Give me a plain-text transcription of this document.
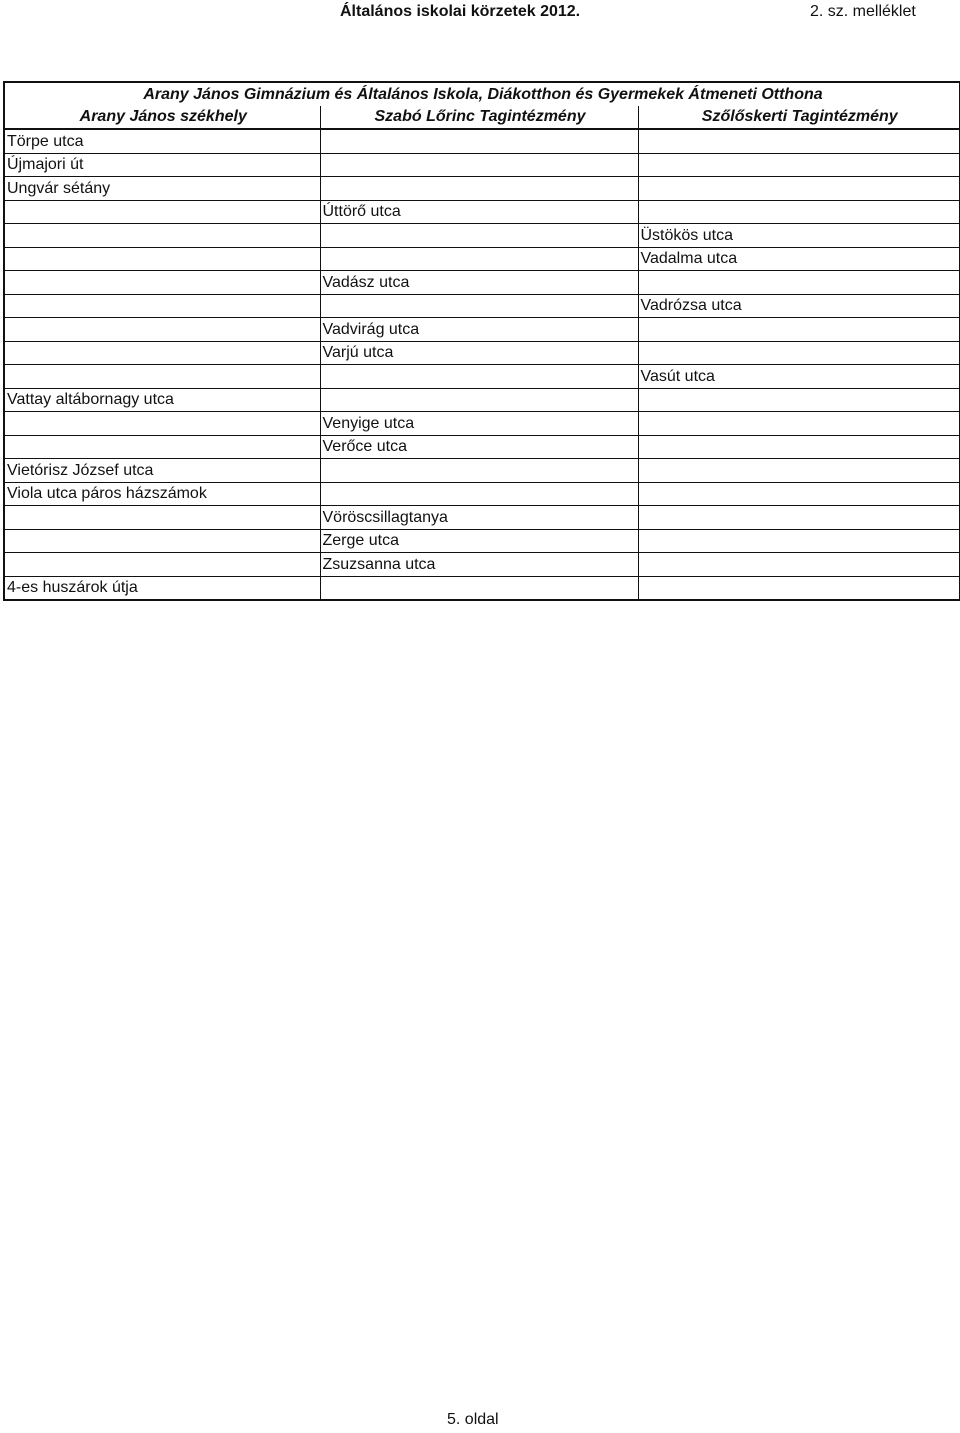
Általános iskolai körzetek 2012.	2. sz. melléklet
Arany János Gimnázium és Általános Iskola, Diákotthon és Gyermekek Átmeneti Otthona		
Arany János székhely	Szabó Lőrinc Tagintézmény	Szőlőskerti Tagintézmény
Törpe utca		
Újmajori út		
Ungvár sétány		
	Úttörő utca	
		Üstökös utca
		Vadalma utca
	Vadász utca	
		Vadrózsa utca
	Vadvirág utca	
	Varjú utca	
		Vasút utca
Vattay altábornagy utca		
	Venyige utca	
	Verőce utca	
Vietórisz József utca		
Viola utca páros házszámok		
	Vöröscsillagtanya	
	Zerge utca	
	Zsuzsanna utca	
4-es huszárok útja		
5. oldal
